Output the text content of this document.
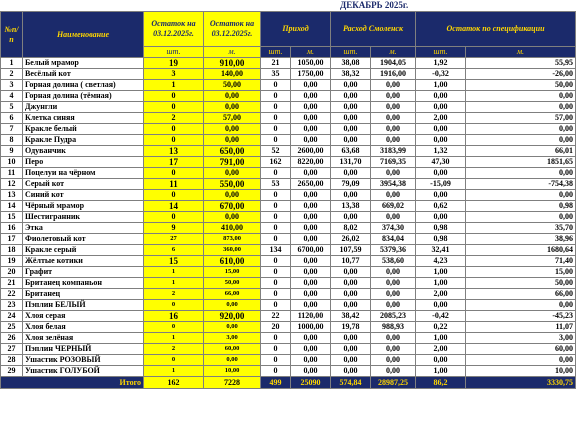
ДЕКАБРЬ 2025г.
№п/п	Наименование	Остаток на 03.12.2025г.	Остаток на 03.12.2025г.	Приход		Расход Смоленск		Остаток по спецификации	
		шт.	м.	шт.	м.	шт.	м.	шт.	м.
1	Белый мрамор	19	910,00	21	1050,00	38,08	1904,05	1,92	55,95
2	Весёлый кот	3	140,00	35	1750,00	38,32	1916,00	-0,32	-26,00
3	Горная долина ( светлая)	1	50,00	0	0,00	0,00	0,00	1,00	50,00
4	Горная долина (тёмная)	0	0,00	0	0,00	0,00	0,00	0,00	0,00
5	Джунгли	0	0,00	0	0,00	0,00	0,00	0,00	0,00
6	Клетка синяя	2	57,00	0	0,00	0,00	0,00	2,00	57,00
7	Кракле белый	0	0,00	0	0,00	0,00	0,00	0,00	0,00
8	Кракле Пудра	0	0,00	0	0,00	0,00	0,00	0,00	0,00
9	Одуванчик	13	650,00	52	2600,00	63,68	3183,99	1,32	66,01
10	Перо	17	791,00	162	8220,00	131,70	7169,35	47,30	1851,65
11	Поцелуи на чёрном	0	0,00	0	0,00	0,00	0,00	0,00	0,00
12	Серый кот	11	550,00	53	2650,00	79,09	3954,38	-15,09	-754,38
13	Синий кот	0	0,00	0	0,00	0,00	0,00	0,00	0,00
14	Чёрный мрамор	14	670,00	0	0,00	13,38	669,02	0,62	0,98
15	Шестигранник	0	0,00	0	0,00	0,00	0,00	0,00	0,00
16	Этка	9	410,00	0	0,00	8,02	374,30	0,98	35,70
17	Фиолетовый кот	27	873,00	0	0,00	26,02	834,04	0,98	38,96
18	Кракле серый	6	360,00	134	6700,00	107,59	5379,36	32,41	1680,64
19	Жёлтые котики	15	610,00	0	0,00	10,77	538,60	4,23	71,40
20	Графит	1	15,00	0	0,00	0,00	0,00	1,00	15,00
21	Британец компаньон	1	50,00	0	0,00	0,00	0,00	1,00	50,00
22	Британец	2	66,00	0	0,00	0,00	0,00	2,00	66,00
23	Пэплин БЕЛЫЙ	0	0,00	0	0,00	0,00	0,00	0,00	0,00
24	Хлоя серая	16	920,00	22	1120,00	38,42	2085,23	-0,42	-45,23
25	Хлоя белая	0	0,00	20	1000,00	19,78	988,93	0,22	11,07
26	Хлоя зелёная	1	3,00	0	0,00	0,00	0,00	1,00	3,00
27	Пэплин ЧЕРНЫЙ	2	60,00	0	0,00	0,00	0,00	2,00	60,00
28	Ушастик РОЗОВЫЙ	0	0,00	0	0,00	0,00	0,00	0,00	0,00
29	Ушастик ГОЛУБОЙ	1	10,00	0	0,00	0,00	0,00	1,00	10,00
Итого		162	7228	499	25090	574,84	28987,25	86,2	3330,75
